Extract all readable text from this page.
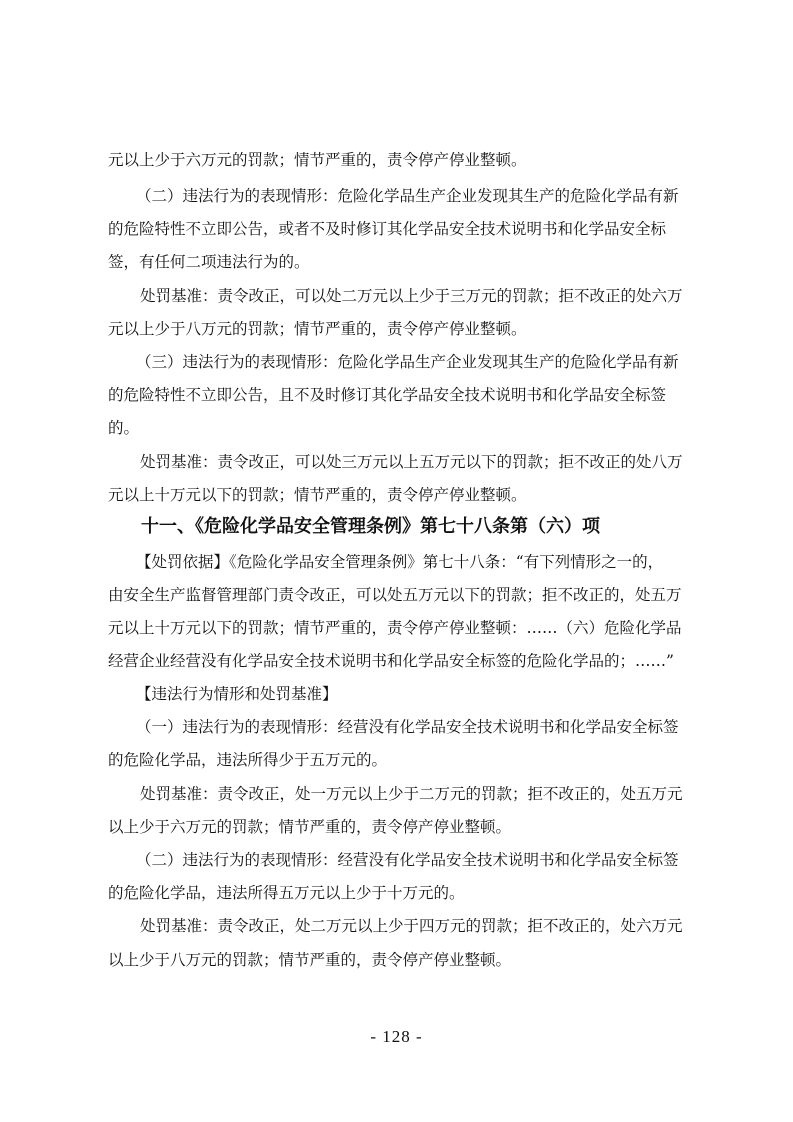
元以上少于六万元的罚款；情节严重的，责令停产停业整顿。
（二）违法行为的表现情形：危险化学品生产企业发现其生产的危险化学品有新
的危险特性不立即公告，或者不及时修订其化学品安全技术说明书和化学品安全标
签，有任何二项违法行为的。
处罚基准：责令改正，可以处二万元以上少于三万元的罚款；拒不改正的处六万
元以上少于八万元的罚款；情节严重的，责令停产停业整顿。
（三）违法行为的表现情形：危险化学品生产企业发现其生产的危险化学品有新
的危险特性不立即公告，且不及时修订其化学品安全技术说明书和化学品安全标签
的。
处罚基准：责令改正，可以处三万元以上五万元以下的罚款；拒不改正的处八万
元以上十万元以下的罚款；情节严重的，责令停产停业整顿。
十一、《危险化学品安全管理条例》第七十八条第（六）项
【处罚依据】《危险化学品安全管理条例》第七十八条：“有下列情形之一的，
由安全生产监督管理部门责令改正，可以处五万元以下的罚款；拒不改正的，处五万
元以上十万元以下的罚款；情节严重的，责令停产停业整顿：……（六）危险化学品
经营企业经营没有化学品安全技术说明书和化学品安全标签的危险化学品的；……”
【违法行为情形和处罚基准】
（一）违法行为的表现情形：经营没有化学品安全技术说明书和化学品安全标签
的危险化学品，违法所得少于五万元的。
处罚基准：责令改正，处一万元以上少于二万元的罚款；拒不改正的，处五万元
以上少于六万元的罚款；情节严重的，责令停产停业整顿。
（二）违法行为的表现情形：经营没有化学品安全技术说明书和化学品安全标签
的危险化学品，违法所得五万元以上少于十万元的。
处罚基准：责令改正，处二万元以上少于四万元的罚款；拒不改正的，处六万元
以上少于八万元的罚款；情节严重的，责令停产停业整顿。
- 128 -
